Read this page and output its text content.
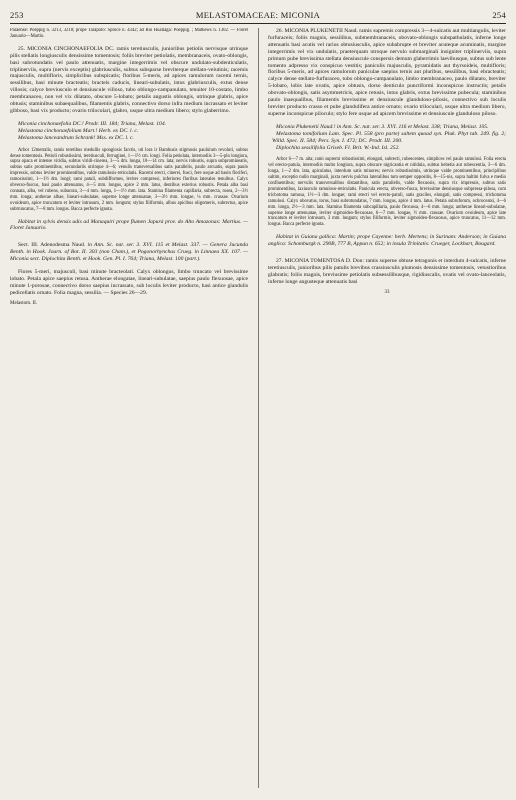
253	MELASTOMACEAE: MICONIA	254

Paraense: Poeppig n. 3213, 3218; prope Tarapoto: Spruce n. 4342; ad Rio Huallaga: Poeppig. ; Mathews n. 1302. — Floret Januario—Martio.

25. MICONIA CINCHONAEFOLIA DC. ramis teretiusculis, junioribus petiolis nervisque utrinque pilis stellatis longiusculis densissime tomentosis; foliis breviter petiolatis, membranaceis, ovato-oblongis, basi subrotundatis vel paulo attenuatis, margine integerrimis vel obscure undulato-subdenticulatis, triplinerviis, supra (nervis exceptis) glabriusculis, subtus subsparse breviterque stellato-velutinis; racemis majusculis, multifloris, simplicibus subspicatis; floribus 5-meris, ad apices ramulorum racemi ternis, sessilibus, basi minute bracteatis; bracteis caducis, lineari-subulatis, intus glabriusculis, extus dense villosis; calyce breviusculo et densiuscule villoso, tubo oblongo-campanulato, tenuiter 10-costato, limbo membranaceo, non vel vix dilatato, obscure 5-lobato; petalis angustis oblongis, utrinque glabris, apice obtusis; staminibus subaequalibus, filamentis glabris, connectivo dorso infra medium incrassato et leviter gibboso, basi vix producto; ovario triloculari, glabro, usque ultra medium libero; stylo glaberrimo.

Miconia cinchonaefolia DC.! Prodr. III. 184; Triana, Melast. 104.

Melastoma cinchonaefolium Mart.! Herb. ex DC. l. c.

Melastoma lanceandrum Schrank! Mss. ex DC. l. c.

Arbor 12metralis, ramis teretibus medullis spongiosis farctis, uti lora ir Bambusis stigmosis paululum revoluti, subtus dense tomentosis. Petioli robustissimi, teretiusculi, ferruginei, 1—1½ cm. longi. Folia petiolata, internodiis 3—5-plo longiora, supra opaca et intense viridia, subtus viridi-cinerea, 3—5 dm. longa, 10—14 cm. lata; nervis robustis, supra subpromineatis, subtus satis prominentibus, secundariis utrinque 4—6; venulis transversalibus satis parallelis, paulo arcuatis, supra paulo impressis, subtus leviter prominentibus, valde ramulosis-reticulatis. Racemi erecti, cinerei, fusci, fere usque ad basin floriferi, ramosissimi, 1—1½ dm. longi; rami patuli, subdifformes, leviter compressi, inferiores floribus laterales tenuibus. Calyx obverso-fuscus, basi paulo attenuatus, 4—5 mm. longus, apice 2 mm. latus, dentibus exterius robustis. Petala alba basi connata, alba, vel rubens, subacuta, 3—4 mm. longa, 1—1½ mm. lata. Stamina filamenta capillaria, subrecta, rosea, 2—3½ mm. longa; antherae albae, lineari-subulatae, superne longe attenuatae, 3—3½ mm. longae, ¼ mm. crassae. Ovarium ovoideum, apice truncatum et leviter intrusum, 2 mm. longum; stylus filiformis, albus apicibus oligomeris, subrectus, apice subtruncatus, 7—8 mm. longus. Bacca perfecte ignota.

Habitat in sylvis densis udis ad Manaquiri prope flumen Japurá prov. do Alto Amazonas: Martius. — Floret Januario.

Sect. III. Adenodesma Naud. in Ann. Sc. nat. ser. 3. XVI. 115 et Melast. 337. — Genera Jucunda Benth. in Hook. Journ. of Bot. II. 303 (non Cham.), et Pogonorhynchus Crueg. in Linnaea XX. 107. — Miconia sect. Diplochita Benth. et Hook. Gen. Pl. I. 764; Triana, Melast. 100 (part.).

Flores 5-meri, majusculi, basi minute bracteolati. Calyx oblongus, limbo truncato vel brevissime lobato. Petala apice saepius retusa. Antherae elongatae, lineari-subulatae, saepius paulo flexuosae, apice minute 1-porosae, connectivo dorso saepius incrassato, sub loculis leviter producto, basi antice glandulis pedicellatis ornato. Folia magna, sessilia. — Species 26—29.

Melastom. II.

26. MICONIA PLUKENETII Naud. ramis supremis compressis 3—4-sulcatis aut multiangulis, leviter furfuraceis; foliis magnis, sessilibus, submembranaceis, obovato-oblongis subspathulatis, inferne longe attenuatis basi acutis vel rarius obtusiusculis, apice subabrupte et breviter acuteque acuminatis, margine integerrimis vel vix undulatis, praeterquam utroque nervulo submarginali insigniter triplinerviis, supra primum pube brevissima stellata densiuscule conspersis demum glaberrimis laevibusque, subtus sub lente tomento adpresso vix conspicuo vestitis; paniculis majusculis, pyramidatis aut thyrsoideis, multifloris; floribus 5-meris, ad apices ramulorum paniculae saepius ternis aut pluribus, sessilibus, basi ebracteatis; calyce dense stellato-furfuraceo, tubo oblongo-campanulato, limbo membranaceo, paulo dilatato, breviter 5-lobato, lobis late ovatis, apice obtusis, dorso denticulo punctiformi inconspicuo instructis; petalis obovato-oblongis, satis asymmetricis, apice retusis, intus glabris, extus brevissime pubecula; staminibus paulo inaequalibus, filamentis brevissime et densiuscule glanduloso-pilosis, connectivo sub loculis breviter producto crasso et pube glandulifera antice ornato; ovario triloculari, usque ultra medium libero, superne inconspicue piloculo; stylo fere usque ad apicem brevissime et densiuscule glanduloso piloso.

Miconia Plukenetii Naud.! in Ann. Sc. nat. ser. 3. XVI. 116 et Melast. 338; Triana, Melast. 105.

Melastoma tomifolium Lam. Spec. Pl. 558 (pro parte) saltem quoad syn. Pluk. Phyt tab. 249. fig. 2; Willd. Spec. II. 584; Pers. Syn. I. 472; DC. Prodr. III. 200.

Diplochita sessilifolia Griseb. Fl. Brit. W.-Ind. Isl. 252.

Arbor 6—7 m. alta; rami supremi robustissimi, elongati, subrecti, rubescentes, simplices vel paulo ramulosi. Folia erecta vel erecto-patula, internodiis multo longiora, supra obscure nigricantia et nitidula, subtus hebetia aut rubescentia, 3—6 dm. longa, 1—2 dm. lata, apiculatus, interdum satis minores; nervis robustissimis, utrinque valde prominentibus, principiibus saltim, exceptio nullo marginali, juxta nervis pulchra lateralibus tum semper oppositis, 8—15-nis, supra haltim fulva e medio confluentibus; nervulis transversalibus distantibus, satis parallelis, valde flexuosis, supra vix impressis, subtus satis prominentibus, laxiusculo ramuloso-reticulatis. Panicula erecta, obverso-fusca, brevissime densiusque subpressa-pilosa, cum trichotoma ramosa, 1½—3 dm. longae; rami erecti vel erecto-patuli, satis graciles, elongati, satis compressi, trichotoma ramulosi. Calyx obovatus, torus, basi subrotundatus, 7 mm. longus, apice 4 mm. latus. Petala subruforum, ochroceatsi, 4—6 mm. longa, 2½—3 mm. lata. Stamina filamenta subcapillaria, paulo flexuosa, 4—6 mm. longa; antherae lineari-subulatae, superne longe attenuatae, leviter sigmoideo-flexuosae, 6—7 mm. longae, ½ mm. crassae. Ovarium ovoideum, apice late truncatum et leviter intrusum, 3 mm. longum; stylus filiformis, leviter sigmoideo-flexuosus, apice truncatus, 11—12 mm. longus. Bacca perfecte ignota.

Habitat in Guiana gallica: Martin; prope Cayenne: herb. Mertens; in Surinam: Anderson; in Guiana anglica: Schomburgk n. 290B, 777 B, Appun n. 652; in insula Trinitatis: Crueger, Lockhart, Bougard.

27. MICONIA TOMENTOSA D. Don: ramis superne obtuse tetragonis et interdum 4-sulcatis, inferne teretiusculis, junioribus pilis patulis brevibus crassiusculis plumosis densissime tomentosis, vetustioribus glabratis; foliis magnis, breviusime petiolatis subsessilibusque, rigidiuscalis, ovatis vel ovato-lanceolatis, inferne longe angusteque attenuatis basi

33
